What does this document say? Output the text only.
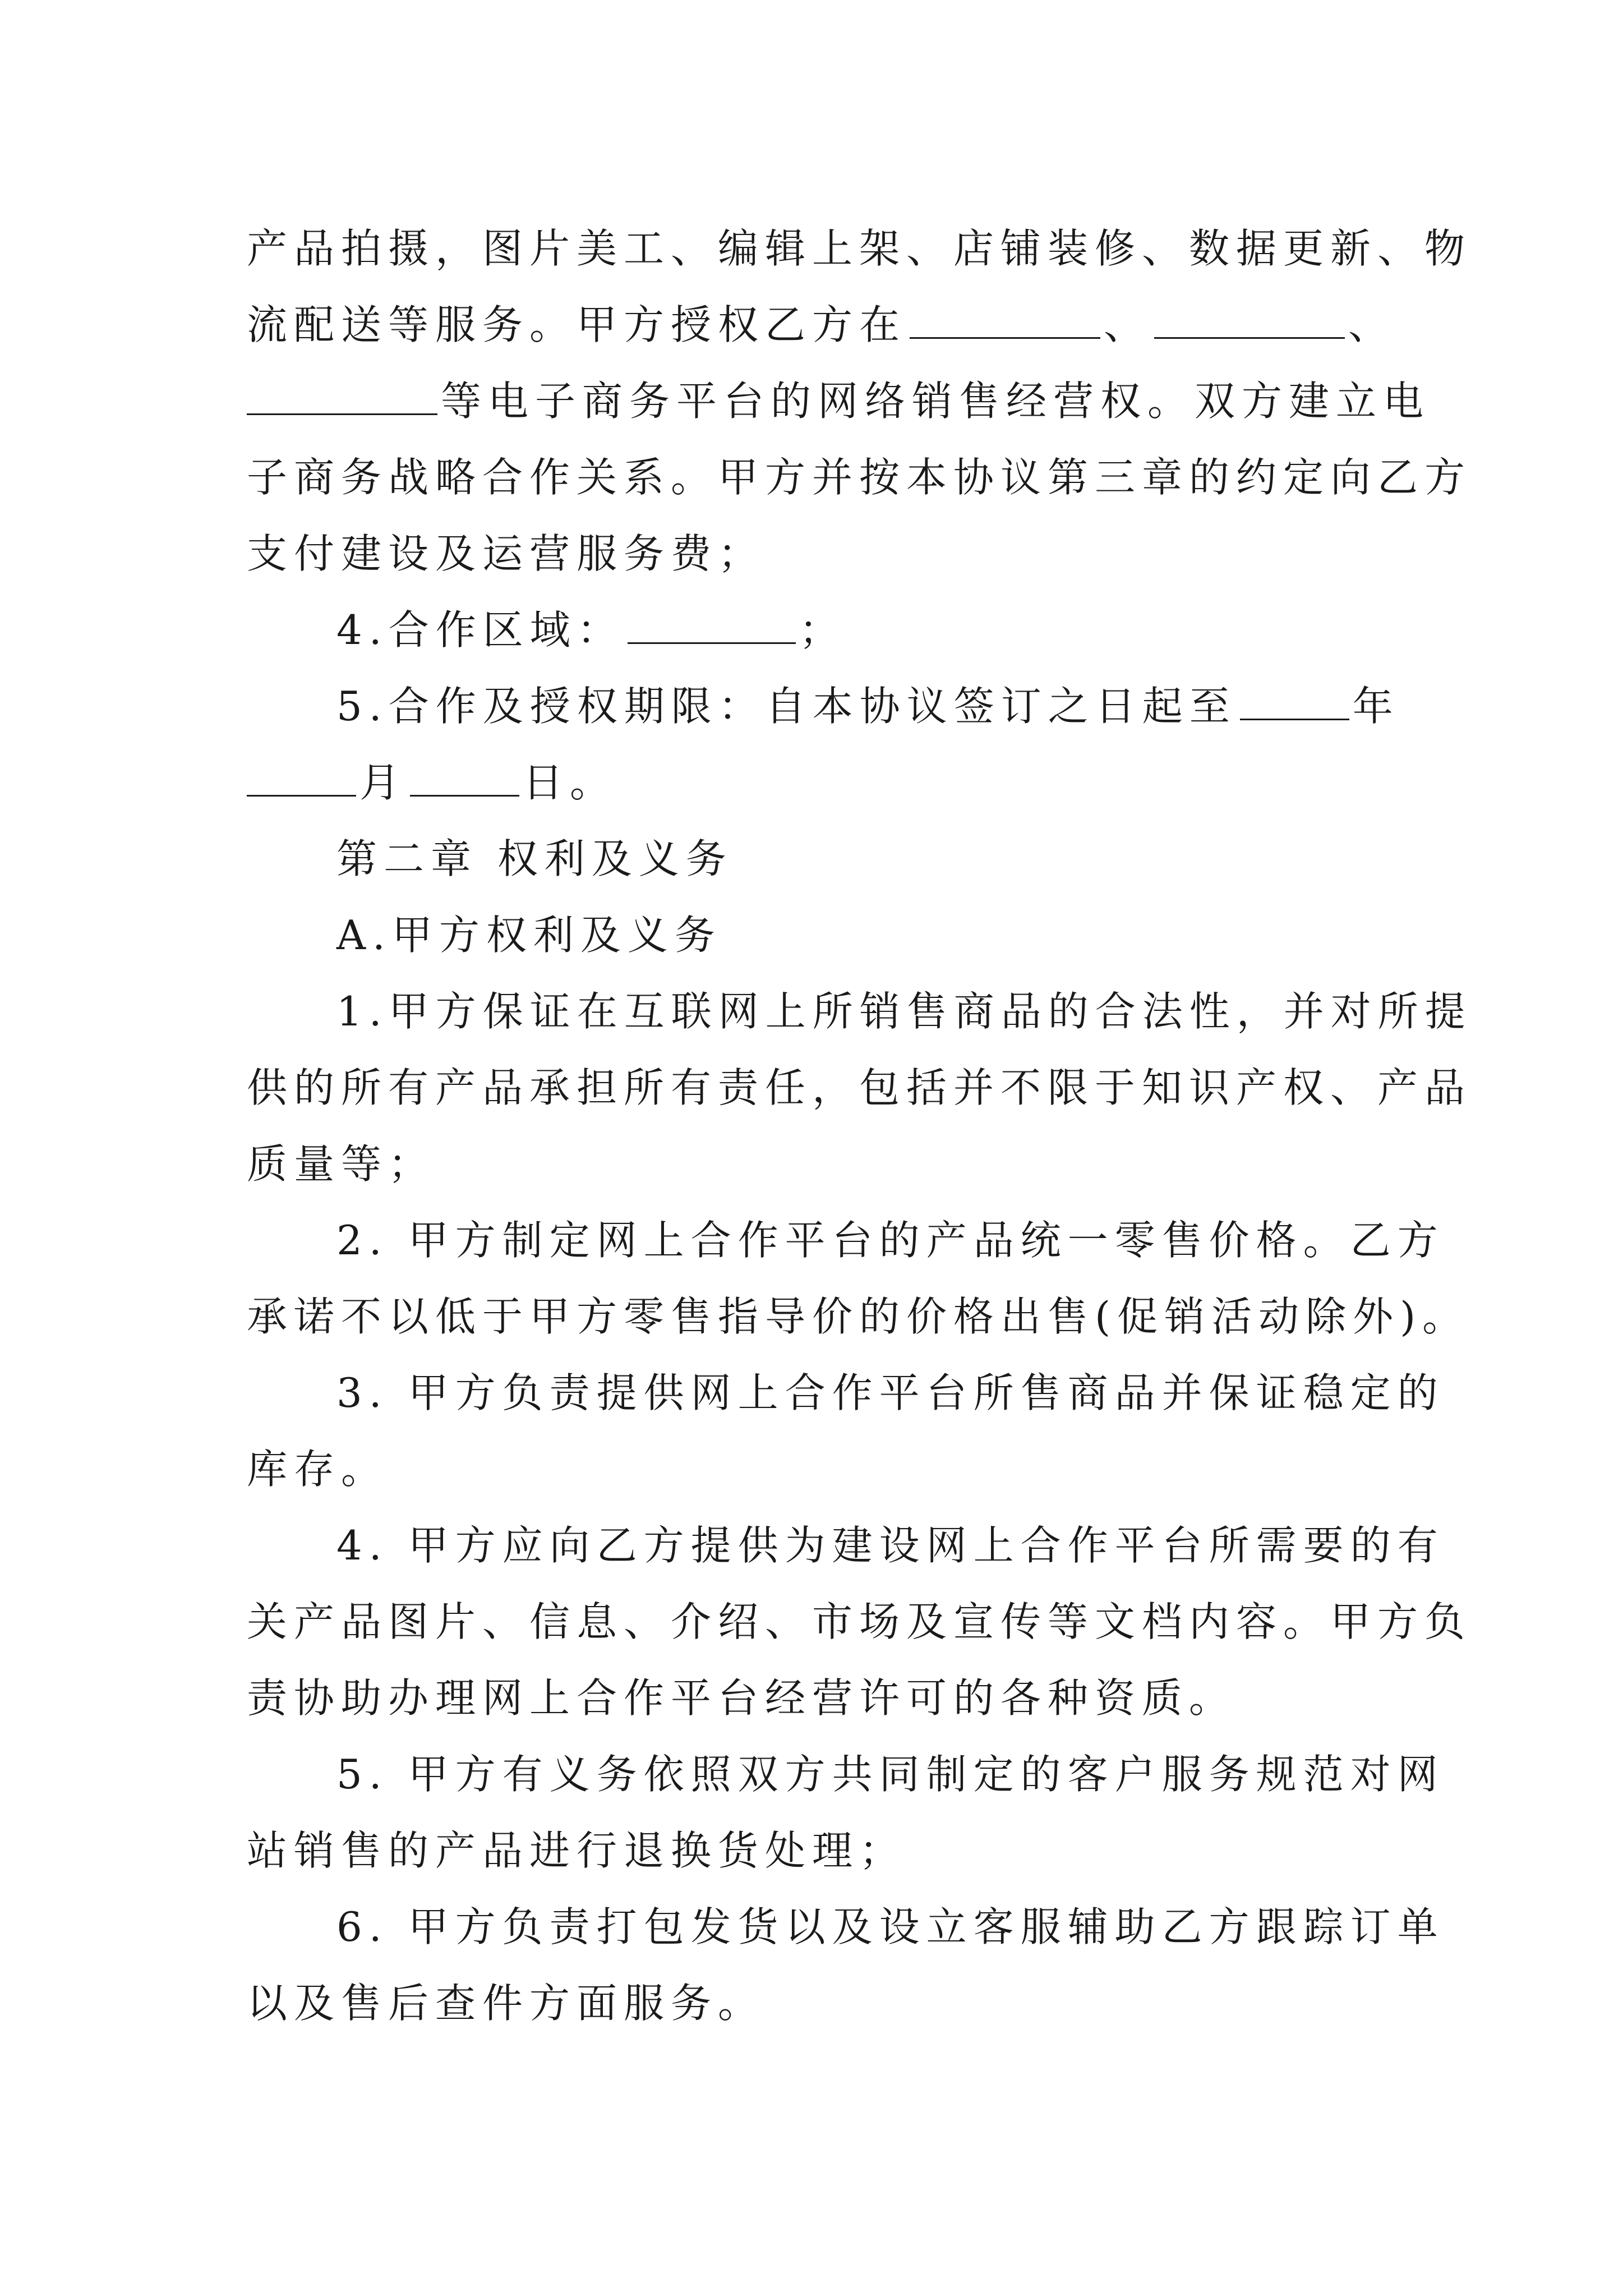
产品拍摄，图片美工、编辑上架、店铺装修、数据更新、物
流配送等服务。甲方授权乙方在	、	、
等电子商务平台的网络销售经营权。双方建立电
子商务战略合作关系。甲方并按本协议第三章的约定向乙方
支付建设及运营服务费；
4.合作区域：	；
5.合作及授权期限：自本协议签订之日起至	年
月	日。
第二章 权利及义务
A.甲方权利及义务
1.甲方保证在互联网上所销售商品的合法性，并对所提
供的所有产品承担所有责任，包括并不限于知识产权、产品
质量等；
2. 甲方制定网上合作平台的产品统一零售价格。乙方
承诺不以低于甲方零售指导价的价格出售(促销活动除外)。
3. 甲方负责提供网上合作平台所售商品并保证稳定的
库存。
4. 甲方应向乙方提供为建设网上合作平台所需要的有
关产品图片、信息、介绍、市场及宣传等文档内容。甲方负
责协助办理网上合作平台经营许可的各种资质。
5. 甲方有义务依照双方共同制定的客户服务规范对网
站销售的产品进行退换货处理；
6. 甲方负责打包发货以及设立客服辅助乙方跟踪订单
以及售后查件方面服务。
